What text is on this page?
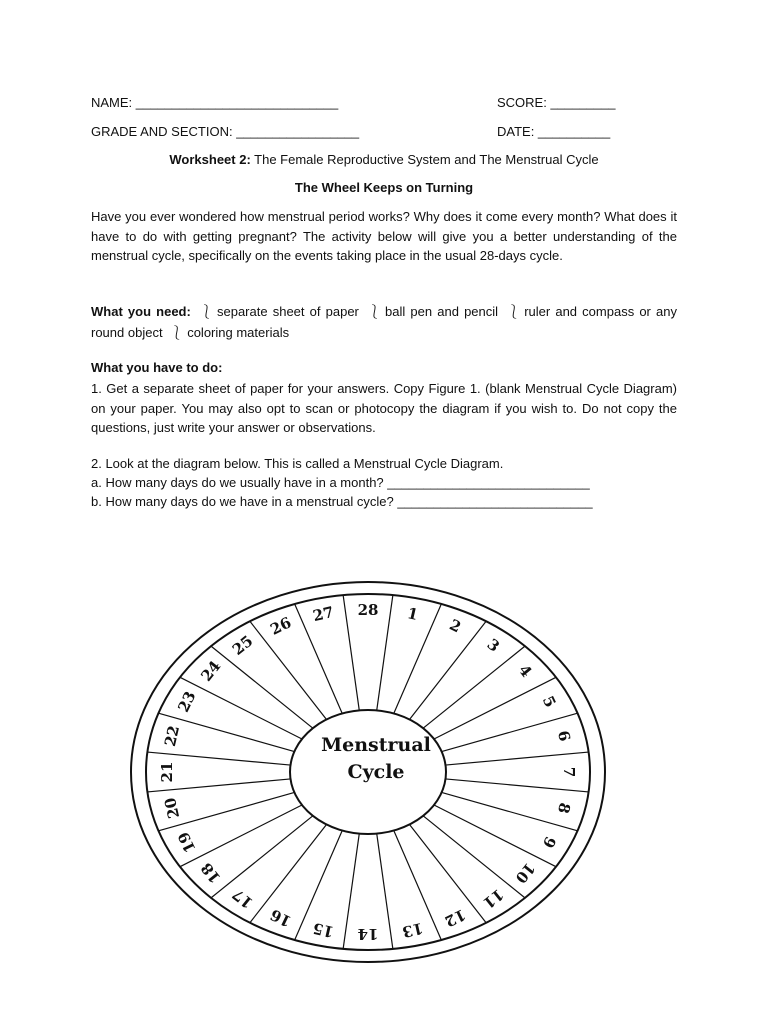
NAME: ____________________________	SCORE: _________
GRADE AND SECTION: _________________	DATE: __________
Worksheet 2: The Female Reproductive System and The Menstrual Cycle
The Wheel Keeps on Turning

Have you ever wondered how menstrual period works? Why does it come every month? What does it have to do with getting pregnant? The activity below will give you a better understanding of the menstrual cycle, specifically on the events taking place in the usual 28-days cycle.

What you need: ⎱ separate sheet of paper ⎱ ball pen and pencil ⎱ ruler and compass or any round object ⎱ coloring materials

What you have to do:

1. Get a separate sheet of paper for your answers. Copy Figure 1. (blank Menstrual Cycle Diagram) on your paper. You may also opt to scan or photocopy the diagram if you wish to. Do not copy the questions, just write your answer or observations.

2. Look at the diagram below. This is called a Menstrual Cycle Diagram.
a. How many days do we usually have in a month? ____________________________
b. How many days do we have in a menstrual cycle? ___________________________
Menstrual
Cycle
1
2
3
4
5
6
7
8
9
10
11
12
13
14
15
16
17
18
19
20
21
22
23
24
25
26 27 28
